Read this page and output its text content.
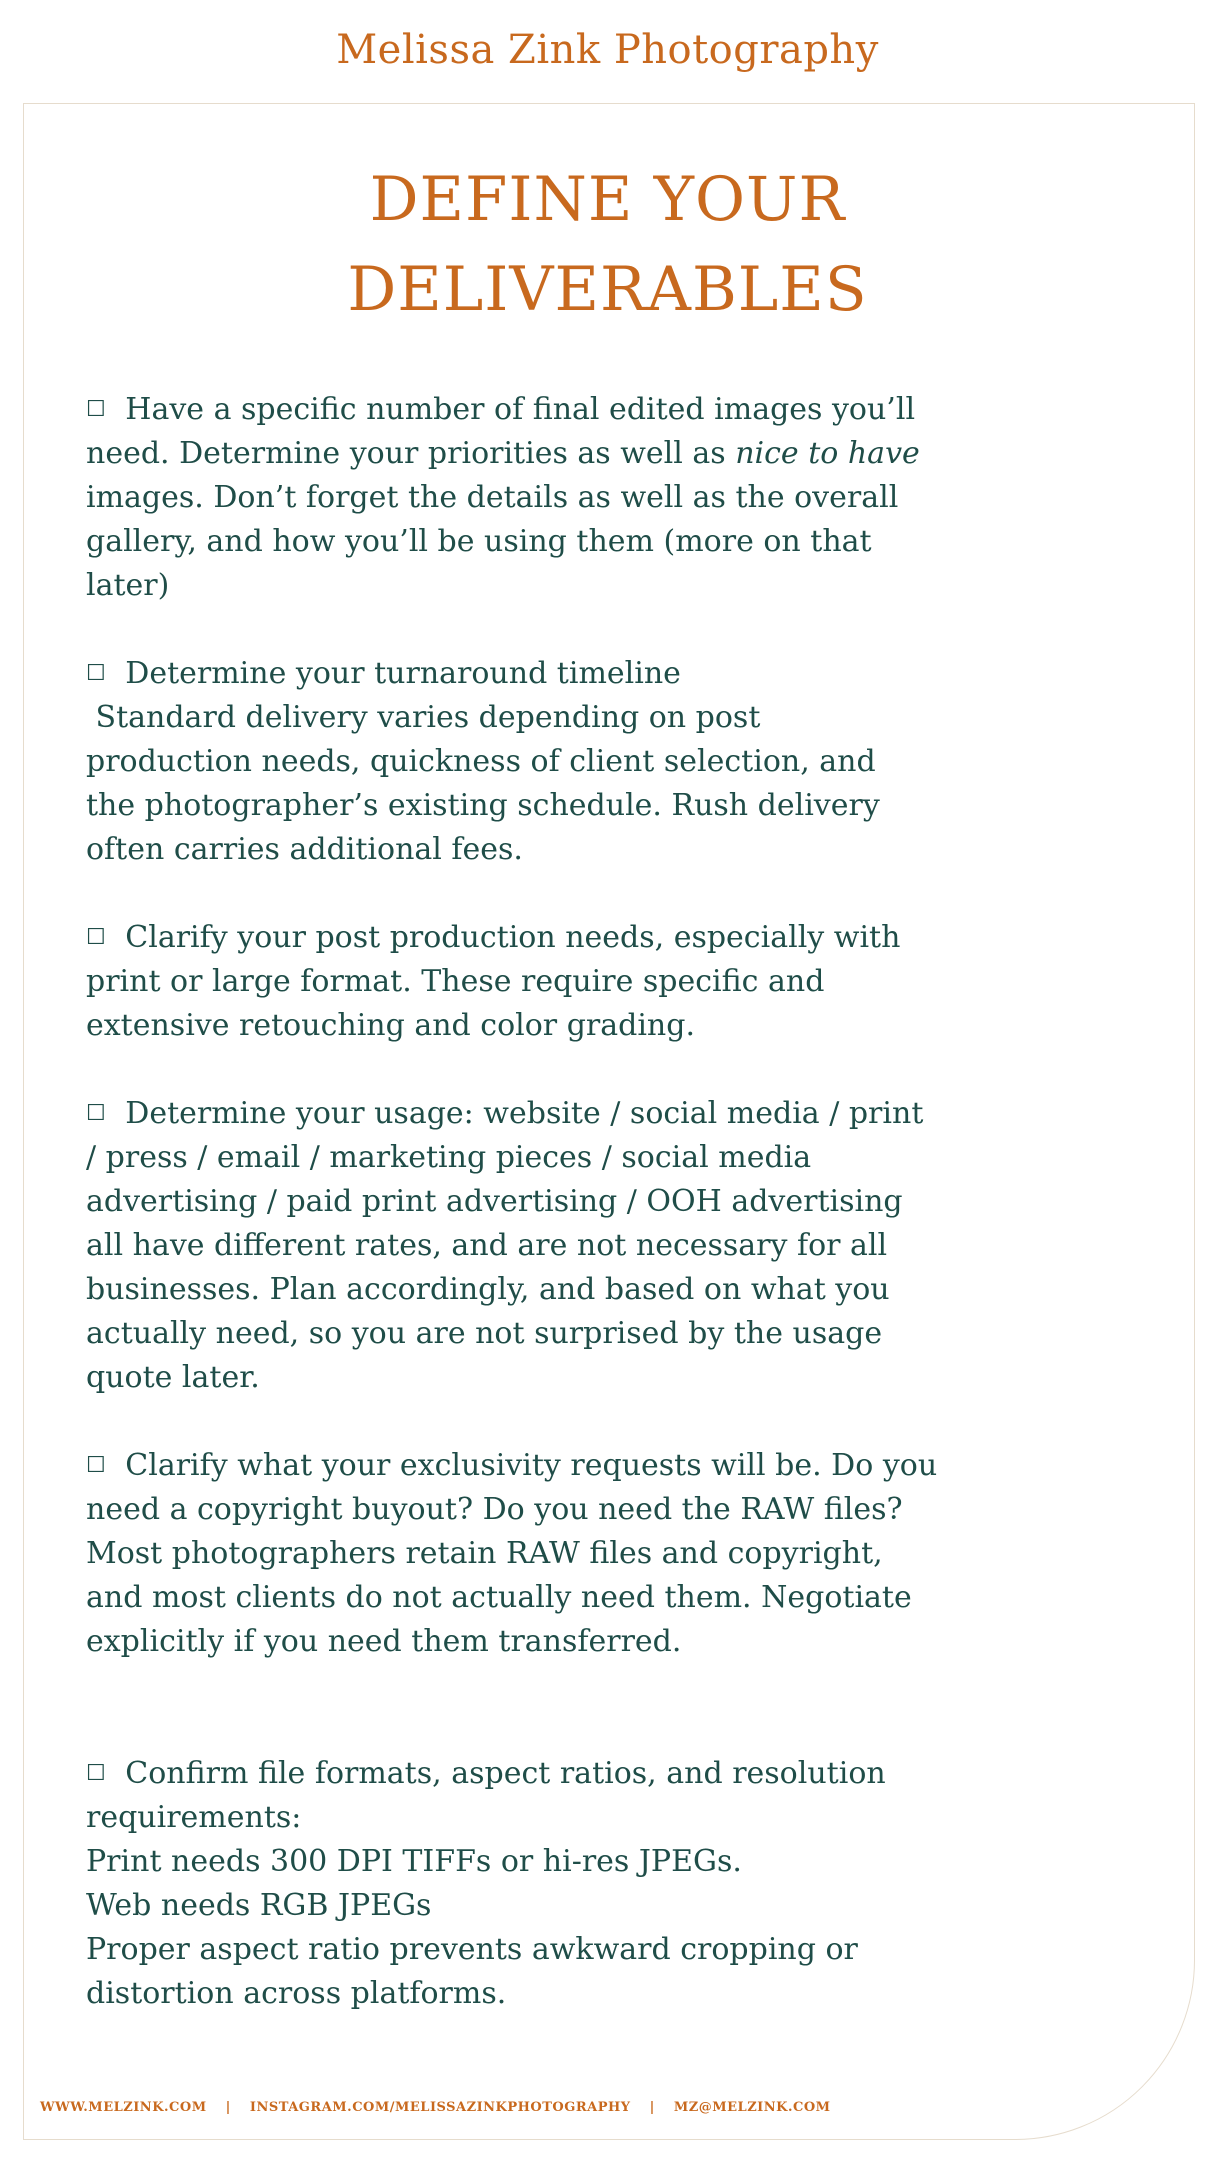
Melissa Zink Photography
DEFINE YOUR
DELIVERABLES
☐ Have a specific number of final edited images you’ll
need. Determine your priorities as well as nice to have
images. Don’t forget the details as well as the overall
gallery, and how you’ll be using them (more on that
later)
☐ Determine your turnaround timeline
Standard delivery varies depending on post
production needs, quickness of client selection, and
the photographer’s existing schedule. Rush delivery
often carries additional fees.
☐ Clarify your post production needs, especially with
print or large format. These require specific and
extensive retouching and color grading.
☐ Determine your usage: website / social media / print
/ press / email / marketing pieces / social media
advertising / paid print advertising / OOH advertising
all have different rates, and are not necessary for all
businesses. Plan accordingly, and based on what you
actually need, so you are not surprised by the usage
quote later.
☐ Clarify what your exclusivity requests will be. Do you
need a copyright buyout? Do you need the RAW files?
Most photographers retain RAW files and copyright,
and most clients do not actually need them. Negotiate
explicitly if you need them transferred.
☐ Confirm file formats, aspect ratios, and resolution
requirements:
Print needs 300 DPI TIFFs or hi-res JPEGs.
Web needs RGB JPEGs
Proper aspect ratio prevents awkward cropping or
distortion across platforms.
WWW.MELZINK.COM | INSTAGRAM.COM/MELISSAZINKPHOTOGRAPHY | MZ@MELZINK.COM
